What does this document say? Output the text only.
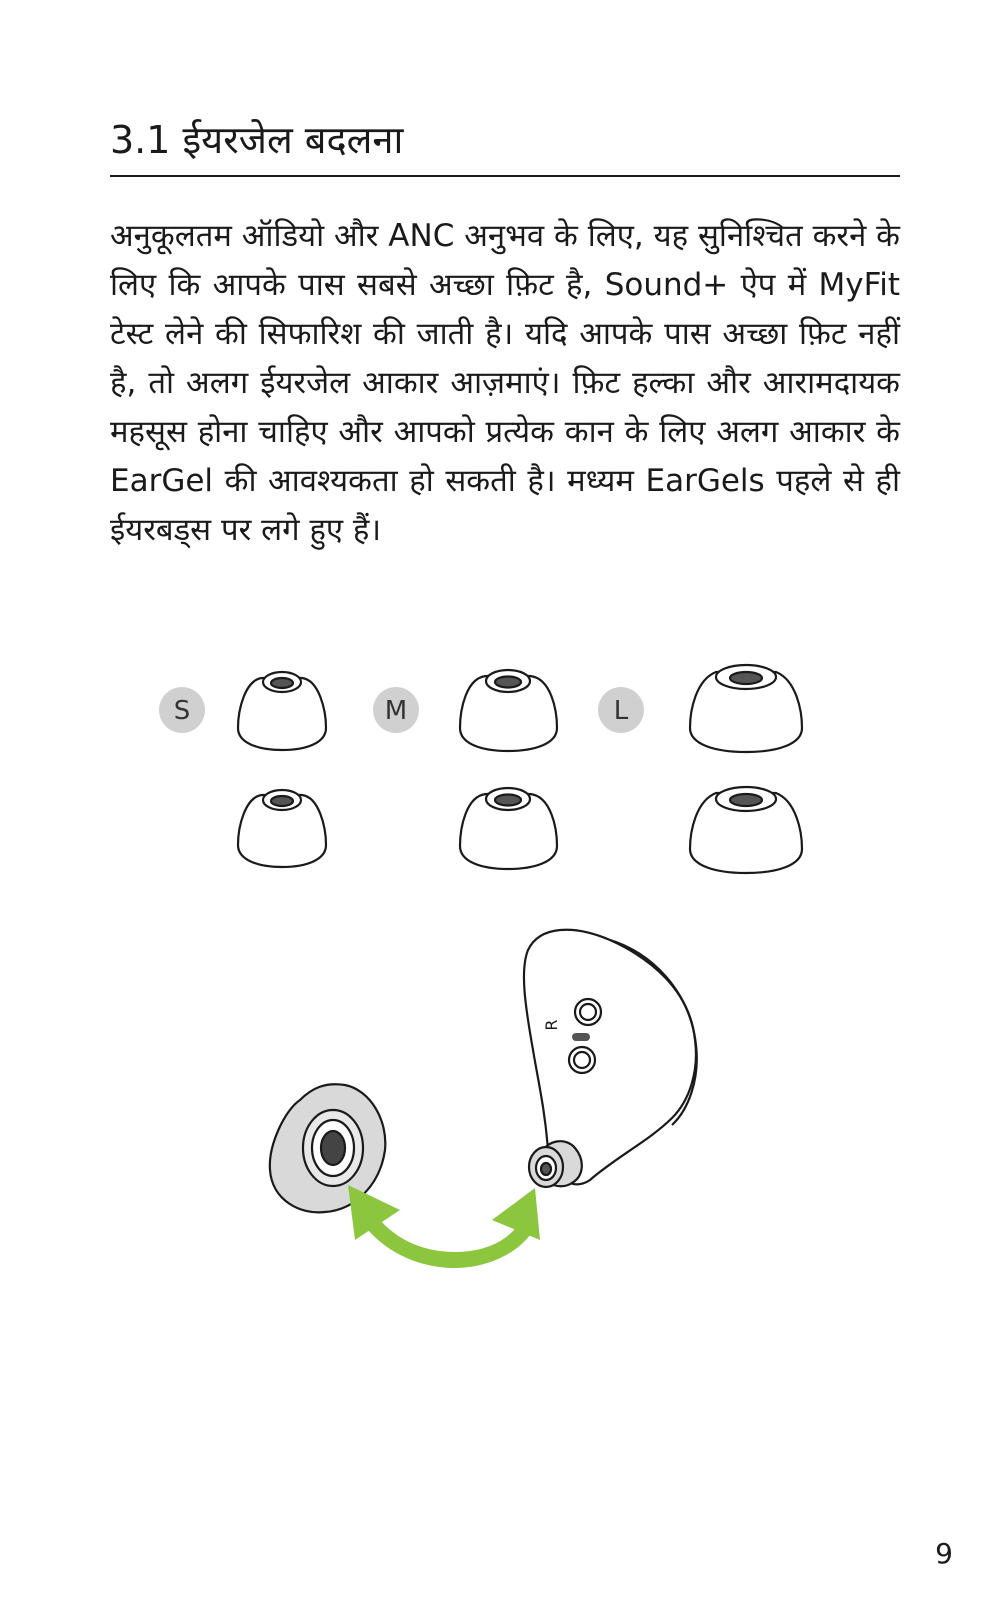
3.1 ईयरजेल बदलना

अनुकूलतम ऑडियो और ANC अनुभव के लिए, यह सुनिश्चित करने के लिए कि आपके पास सबसे अच्छा फ़िट है, Sound+ ऐप में MyFit टेस्ट लेने की सिफारिश की जाती है। यदि आपके पास अच्छा फ़िट नहीं है, तो अलग ईयरजेल आकार आज़माएं। फ़िट हल्का और आरामदायक महसूस होना चाहिए और आपको प्रत्येक कान के लिए अलग आकार के EarGel की आवश्यकता हो सकती है। मध्यम EarGels पहले से ही ईयरबड्स पर लगे हुए हैं।

S	M	L
R
9
